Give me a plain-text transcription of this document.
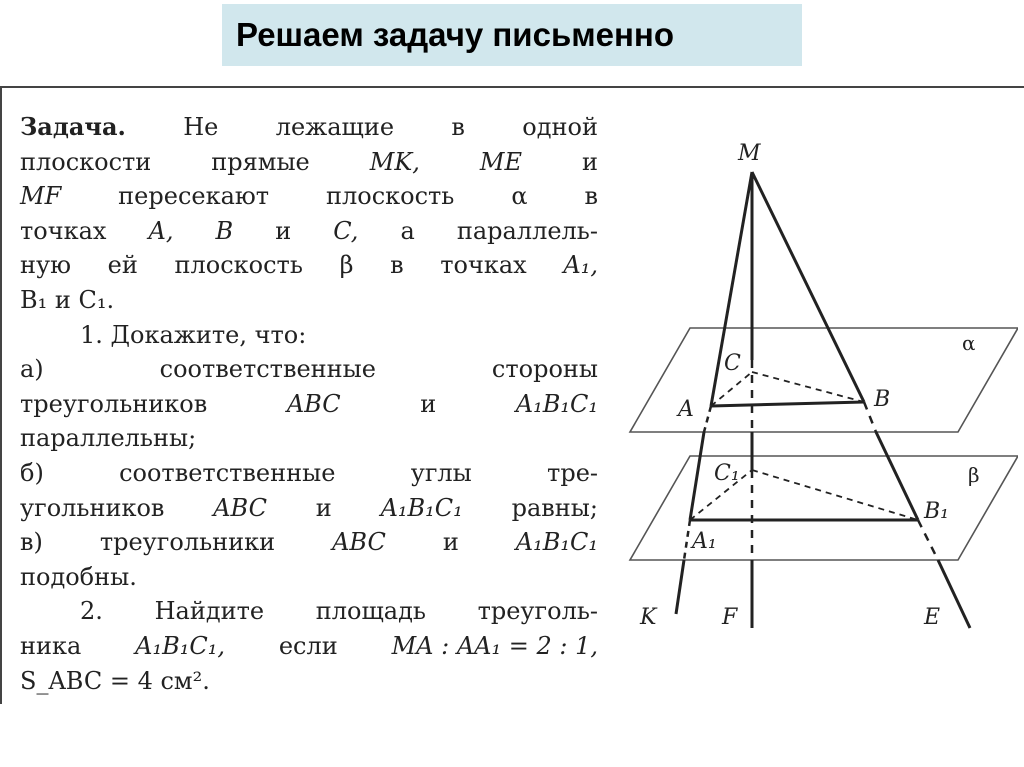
Решаем задачу письменно
Задача. Не лежащие в одной
плоскости прямые MK, ME и
MF пересекают плоскость α в
точках A, B и C, а параллель-
ную ей плоскость β в точках A₁,
B₁ и C₁.
1. Докажите, что:
а)	соответственные	стороны
треугольников	ABC	и	A₁B₁C₁
параллельны;
б)	соответственные	углы	тре-
угольников ABC и A₁B₁C₁ равны;
в) треугольники ABC и A₁B₁C₁
подобны.
2. Найдите площадь треуголь-
ника A₁B₁C₁, если MA : AA₁ = 2 : 1,
S_ABC = 4 см².
M
C
A	B
C₁
A₁
B₁
K	F	E
α
β
